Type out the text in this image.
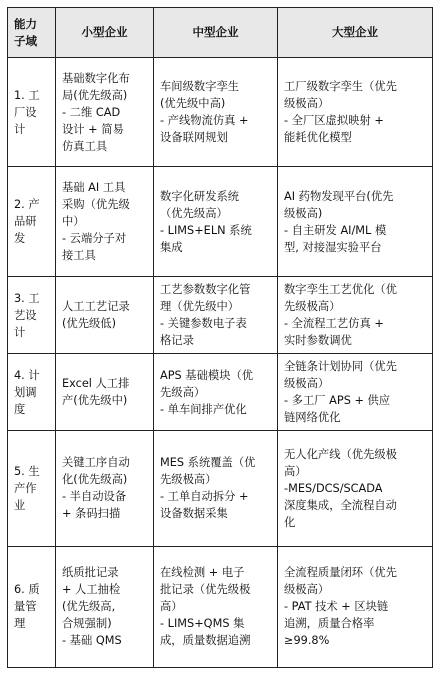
能力
子域	小型企业	中型企业	大型企业

1. 工
厂设
计	基础数字化布
局(优先级高)
- 二维 CAD
设计 + 简易
仿真工具	车间级数字孪生
(优先级中高)
- 产线物流仿真 +
设备联网规划	工厂级数字孪生（优先
级极高）
- 全厂区虚拟映射 +
能耗优化模型

2. 产
品研
发	基础 AI 工具
采购（优先级
中）
- 云端分子对
接工具	数字化研发系统
（优先级高）
- LIMS+ELN 系统
集成	AI 药物发现平台(优先
级极高)
- 自主研发 AI/ML 模
型, 对接湿实验平台

3. 工
艺设
计	人工工艺记录
(优先级低)	工艺参数数字化管
理（优先级中）
- 关键参数电子表
格记录	数字孪生工艺优化（优
先级极高）
- 全流程工艺仿真 +
实时参数调优

4. 计
划调
度	Excel 人工排
产(优先级中)	APS 基础模块（优
先级高）
- 单车间排产优化	全链条计划协同（优先
级极高）
- 多工厂 APS + 供应
链网络优化

5. 生
产作
业	关键工序自动
化(优先级高)
- 半自动设备
+ 条码扫描	MES 系统覆盖（优
先级极高）
- 工单自动拆分 +
设备数据采集	无人化产线（优先级极
高）
-MES/DCS/SCADA
深度集成，全流程自动
化

6. 质
量管
理	纸质批记录
+ 人工抽检
(优先级高,
合规强制)
- 基础 QMS	在线检测 + 电子
批记录（优先级极
高）
- LIMS+QMS 集
成，质量数据追溯	全流程质量闭环（优先
级极高）
- PAT 技术 + 区块链
追溯，质量合格率
≥99.8%
